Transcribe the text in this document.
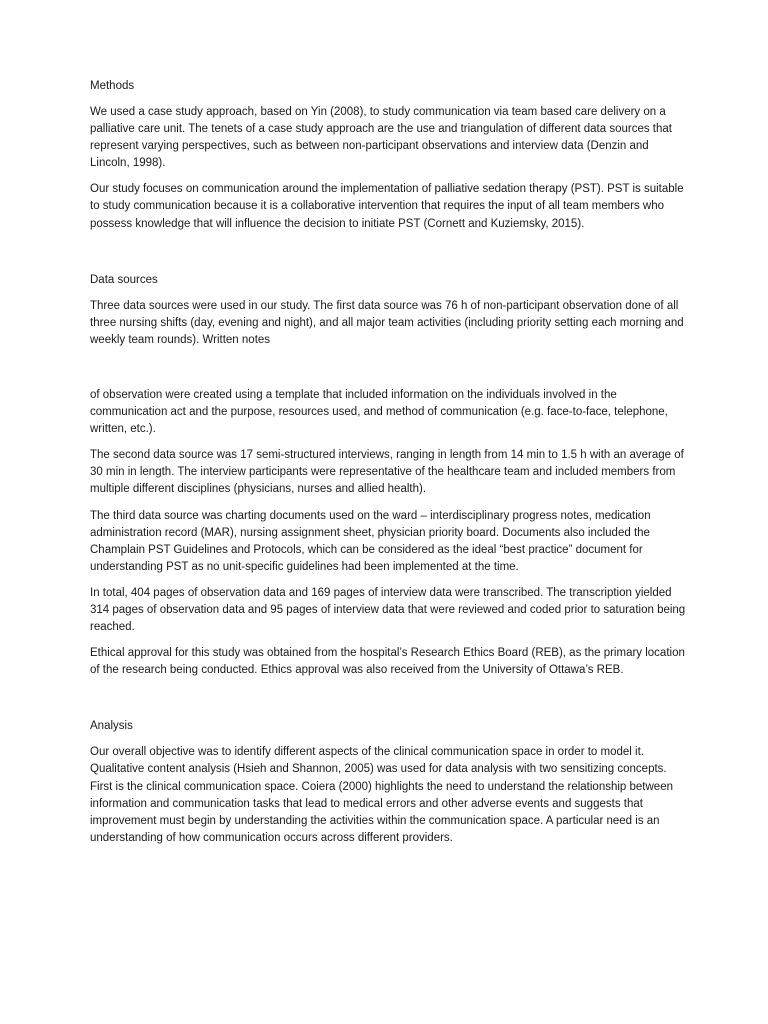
Methods

We used a case study approach, based on Yin (2008), to study communication via team based care delivery on a palliative care unit. The tenets of a case study approach are the use and triangulation of different data sources that represent varying perspectives, such as between non-participant observations and interview data (Denzin and Lincoln, 1998).

Our study focuses on communication around the implementation of palliative sedation therapy (PST). PST is suitable to study communication because it is a collaborative intervention that requires the input of all team members who possess knowledge that will influence the decision to initiate PST (Cornett and Kuziemsky, 2015).

Data sources

Three data sources were used in our study. The first data source was 76 h of non-participant observation done of all three nursing shifts (day, evening and night), and all major team activities (including priority setting each morning and weekly team rounds). Written notes

of observation were created using a template that included information on the individuals involved in the communication act and the purpose, resources used, and method of communication (e.g. face-to-face, telephone, written, etc.).

The second data source was 17 semi-structured interviews, ranging in length from 14 min to 1.5 h with an average of 30 min in length. The interview participants were representative of the healthcare team and included members from multiple different disciplines (physicians, nurses and allied health).

The third data source was charting documents used on the ward – interdisciplinary progress notes, medication administration record (MAR), nursing assignment sheet, physician priority board. Documents also included the Champlain PST Guidelines and Protocols, which can be considered as the ideal “best practice” document for understanding PST as no unit-specific guidelines had been implemented at the time.

In total, 404 pages of observation data and 169 pages of interview data were transcribed. The transcription yielded 314 pages of observation data and 95 pages of interview data that were reviewed and coded prior to saturation being reached.

Ethical approval for this study was obtained from the hospital’s Research Ethics Board (REB), as the primary location of the research being conducted. Ethics approval was also received from the University of Ottawa’s REB.

Analysis

Our overall objective was to identify different aspects of the clinical communication space in order to model it. Qualitative content analysis (Hsieh and Shannon, 2005) was used for data analysis with two sensitizing concepts. First is the clinical communication space. Coiera (2000) highlights the need to understand the relationship between information and communication tasks that lead to medical errors and other adverse events and suggests that improvement must begin by understanding the activities within the communication space. A particular need is an understanding of how communication occurs across different providers.
